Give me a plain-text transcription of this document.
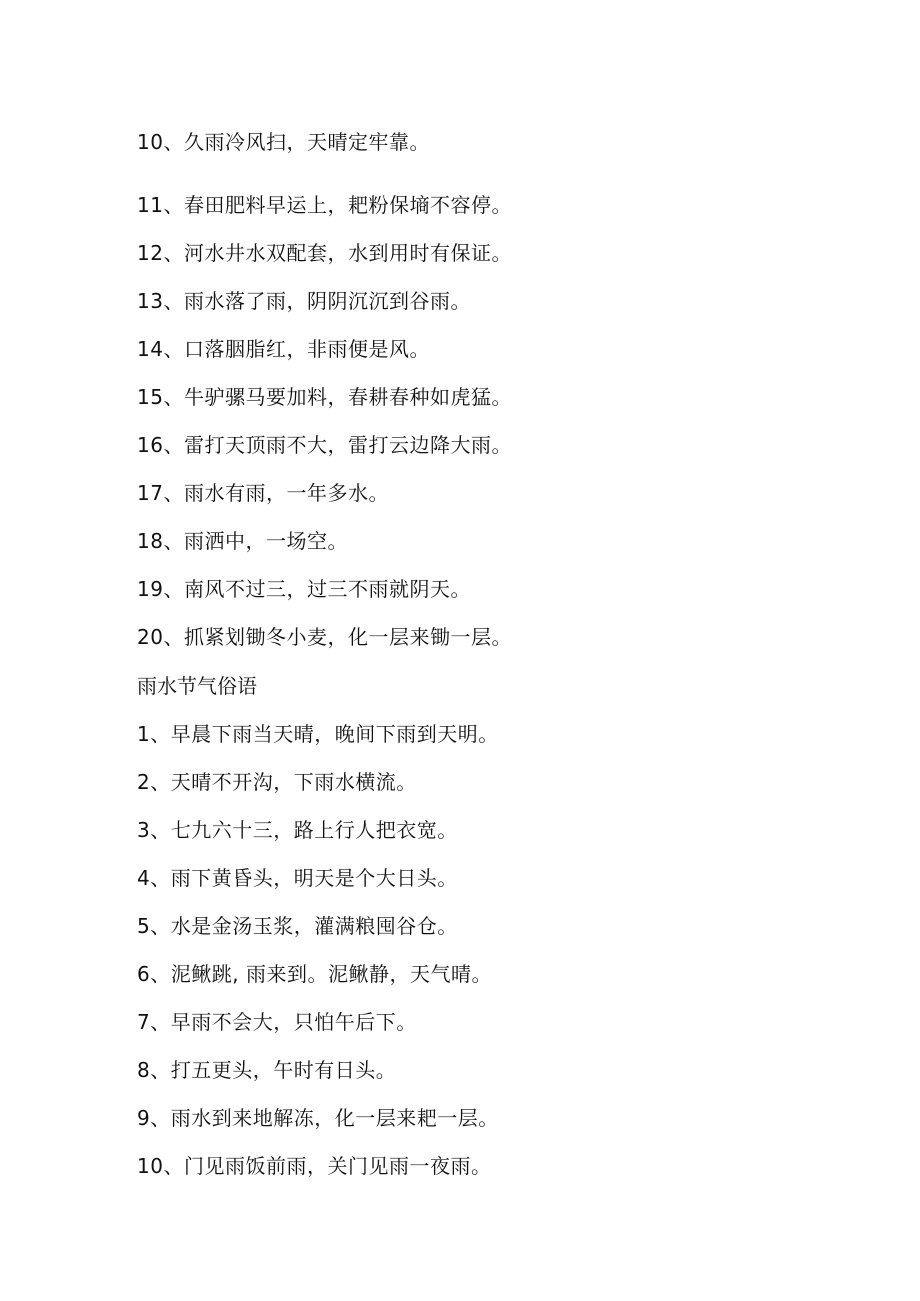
10、久雨冷风扫，天晴定牢靠。
11、春田肥料早运上，耙粉保墒不容停。
12、河水井水双配套，水到用时有保证。
13、雨水落了雨，阴阴沉沉到谷雨。
14、口落胭脂红，非雨便是风。
15、牛驴骡马要加料，春耕春种如虎猛。
16、雷打天顶雨不大，雷打云边降大雨。
17、雨水有雨，一年多水。
18、雨洒中，一场空。
19、南风不过三，过三不雨就阴天。
20、抓紧划锄冬小麦，化一层来锄一层。
雨水节气俗语
1、早晨下雨当天晴，晚间下雨到天明。
2、天晴不开沟，下雨水横流。
3、七九六十三，路上行人把衣宽。
4、雨下黄昏头，明天是个大日头。
5、水是金汤玉浆，灌满粮囤谷仓。
6、泥鳅跳, 雨来到。泥鳅静，天气晴。
7、早雨不会大，只怕午后下。
8、打五更头，午时有日头。
9、雨水到来地解冻，化一层来耙一层。
10、门见雨饭前雨，关门见雨一夜雨。
